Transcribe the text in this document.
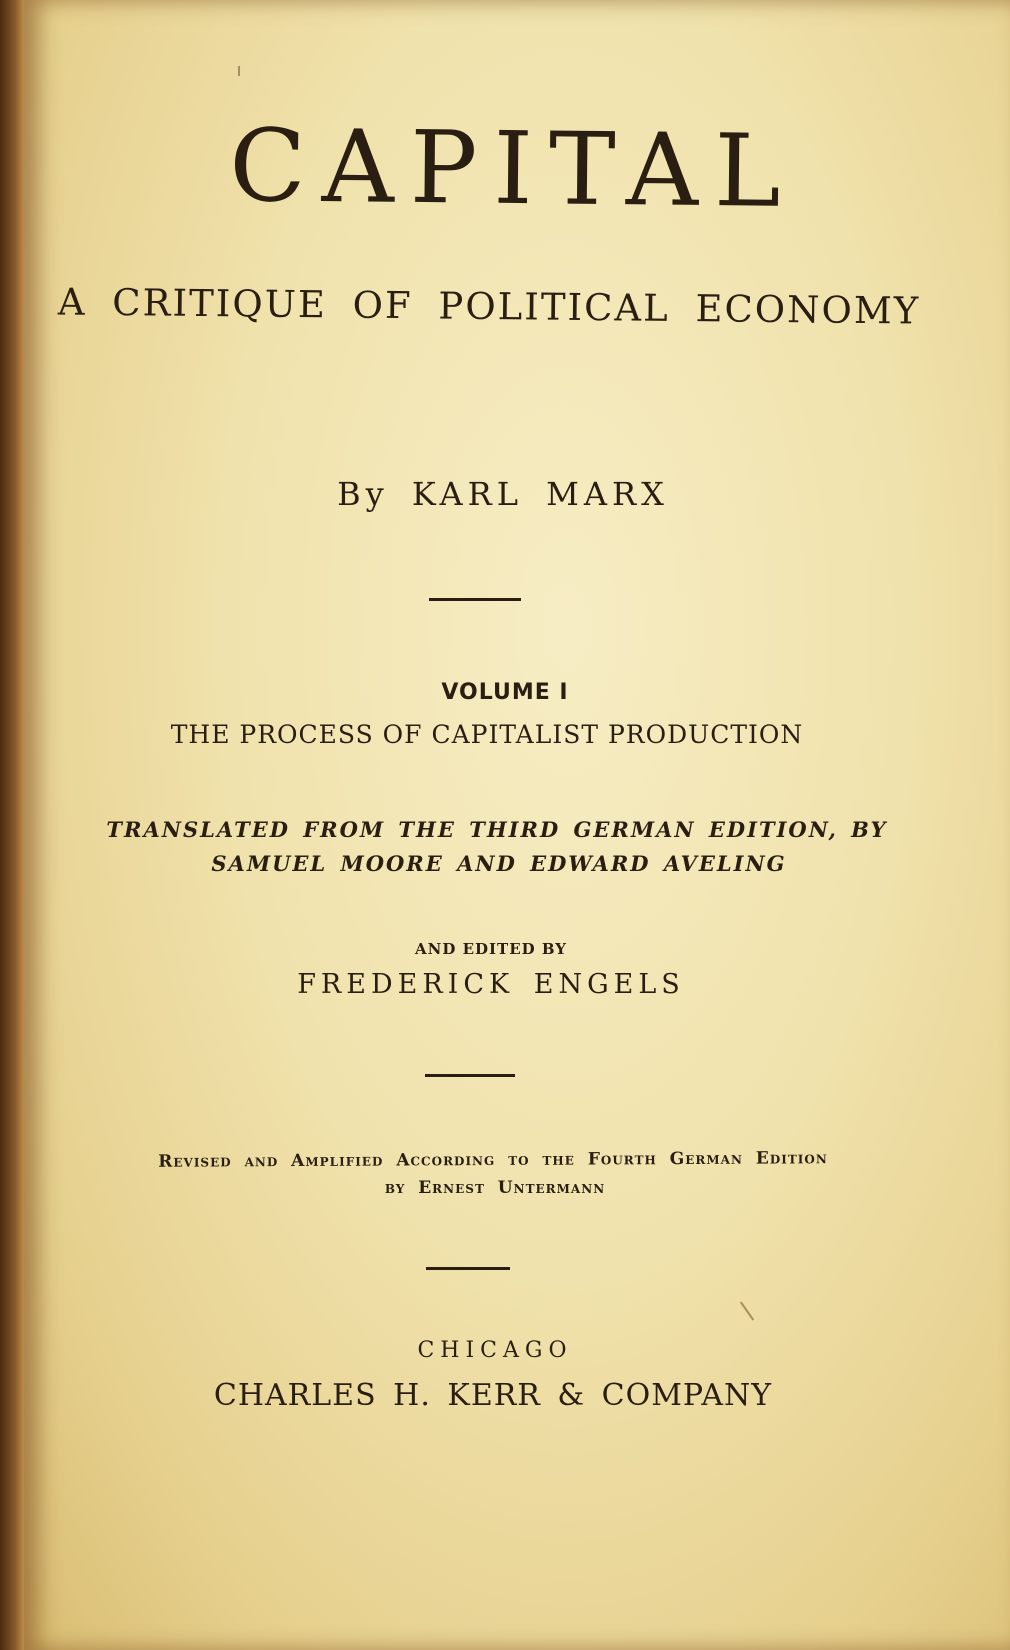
CAPITAL
A CRITIQUE OF POLITICAL ECONOMY
By KARL MARX
VOLUME I
THE PROCESS OF CAPITALIST PRODUCTION
TRANSLATED FROM THE THIRD GERMAN EDITION, BY
SAMUEL MOORE AND EDWARD AVELING
AND EDITED BY
FREDERICK ENGELS
Revised and Amplified According to the Fourth German Edition
by Ernest Untermann
CHICAGO
CHARLES H. KERR & COMPANY
